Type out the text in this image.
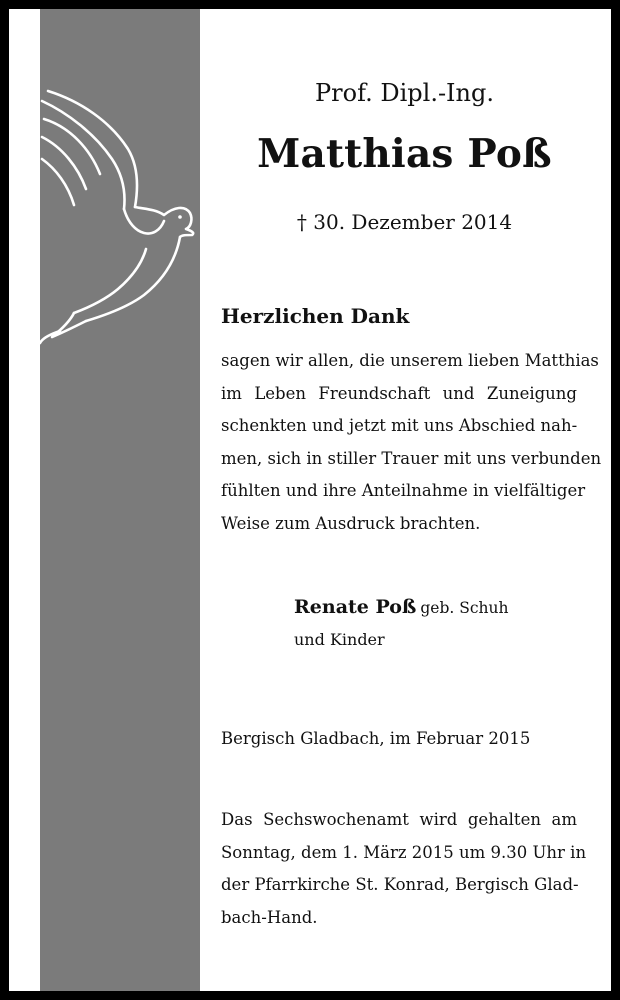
Prof. Dipl.-Ing.
Matthias Poß
† 30. Dezember 2014
Herzlichen Dank
sagen wir allen, die unserem lieben Matthias
im Leben Freundschaft und Zuneigung
schenkten und jetzt mit uns Abschied nah-
men, sich in stiller Trauer mit uns verbunden
fühlten und ihre Anteilnahme in vielfältiger
Weise zum Ausdruck brachten.
Renate Poß geb. Schuh
und Kinder
Bergisch Gladbach, im Februar 2015
Das Sechswochenamt wird gehalten am
Sonntag, dem 1. März 2015 um 9.30 Uhr in
der Pfarrkirche St. Konrad, Bergisch Glad-
bach-Hand.
